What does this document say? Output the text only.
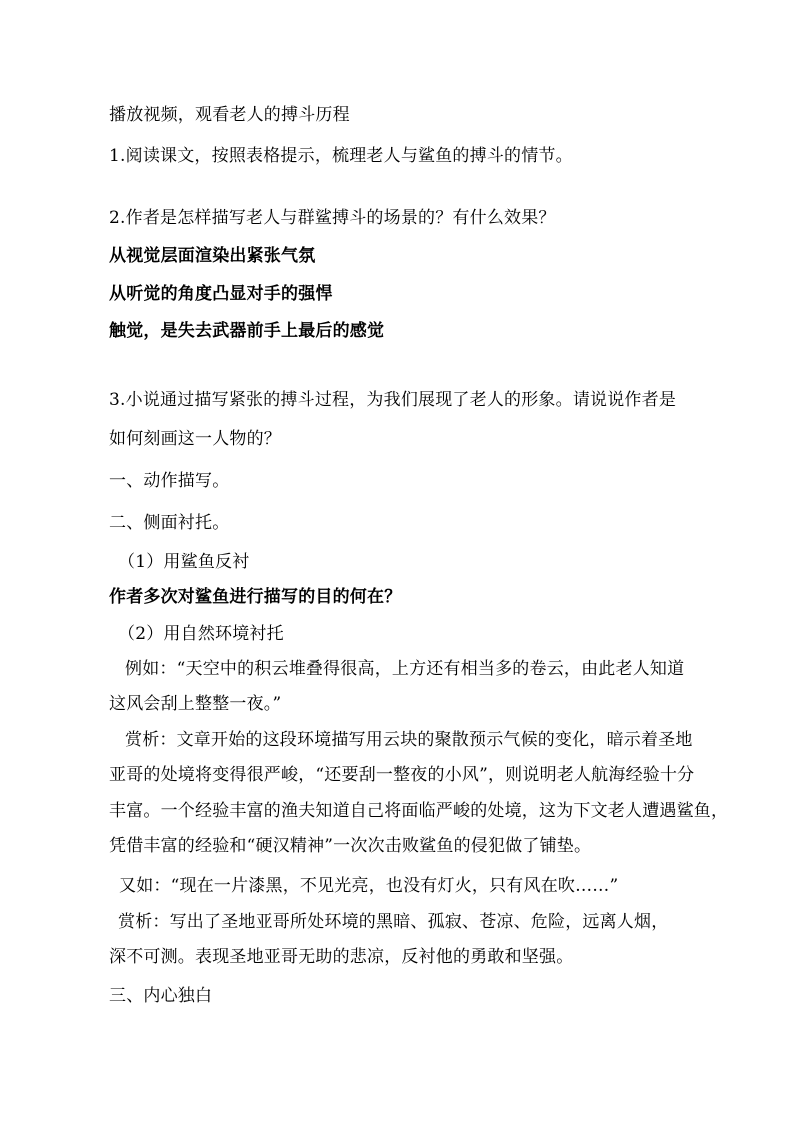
播放视频，观看老人的搏斗历程
1.阅读课文，按照表格提示，梳理老人与鲨鱼的搏斗的情节。
2.作者是怎样描写老人与群鲨搏斗的场景的？有什么效果？
从视觉层面渲染出紧张气氛
从听觉的角度凸显对手的强悍
触觉，是失去武器前手上最后的感觉
3.小说通过描写紧张的搏斗过程，为我们展现了老人的形象。请说说作者是
如何刻画这一人物的？
一、动作描写。
二、侧面衬托。
（1）用鲨鱼反衬
作者多次对鲨鱼进行描写的目的何在？
（2）用自然环境衬托
例如：“天空中的积云堆叠得很高，上方还有相当多的卷云，由此老人知道
这风会刮上整整一夜。”
赏析：文章开始的这段环境描写用云块的聚散预示气候的变化，暗示着圣地
亚哥的处境将变得很严峻，“还要刮一整夜的小风”，则说明老人航海经验十分
丰富。一个经验丰富的渔夫知道自己将面临严峻的处境，这为下文老人遭遇鲨鱼，
凭借丰富的经验和“硬汉精神”一次次击败鲨鱼的侵犯做了铺垫。
又如：“现在一片漆黑，不见光亮，也没有灯火，只有风在吹……”
赏析：写出了圣地亚哥所处环境的黑暗、孤寂、苍凉、危险，远离人烟，
深不可测。表现圣地亚哥无助的悲凉，反衬他的勇敢和坚强。
三、内心独白
